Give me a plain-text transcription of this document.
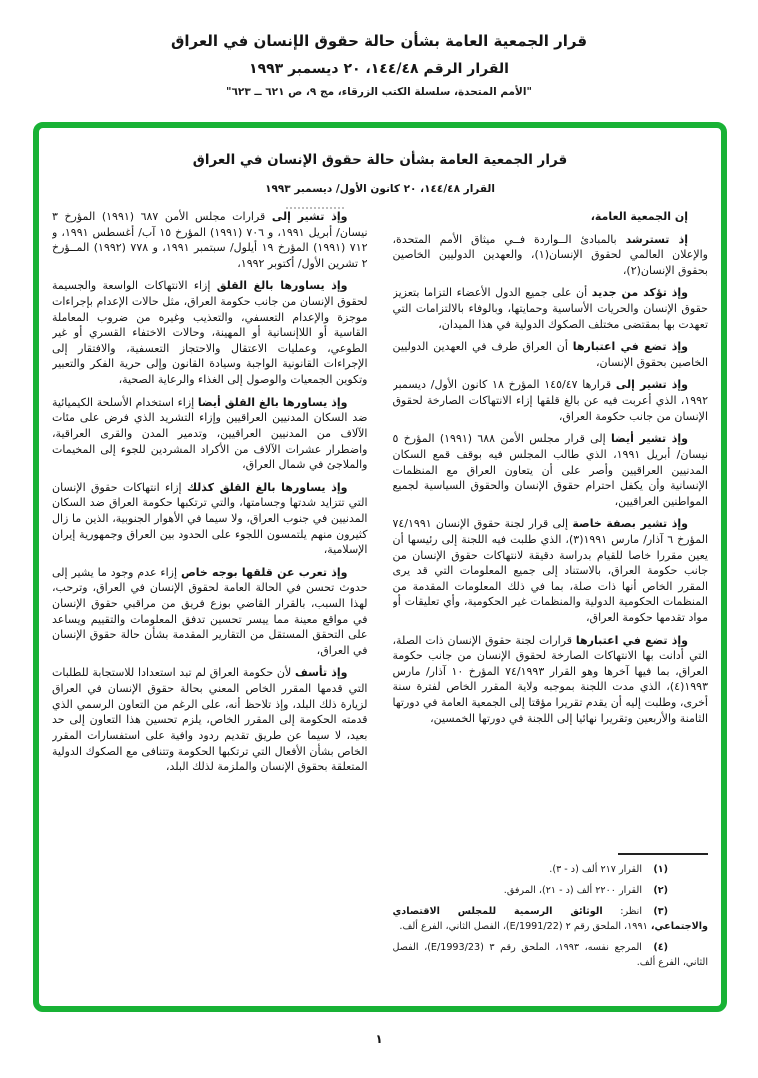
قرار الجمعية العامة بشأن حالة حقوق الإنسان في العراق
القرار الرقم ١٤٤/٤٨، ٢٠ ديسمبر ١٩٩٣
"الأمم المتحدة، سلسلة الكتب الزرقاء، مج ٩، ص ٦٢١ ــ ٦٢٣"
قرار الجمعية العامة بشأن حالة حقوق الإنسان في العراق
القرار ١٤٤/٤٨، ٢٠ كانون الأول/ ديسمبر ١٩٩٣

إن الجمعية العامة،

إذ تسترشد بالمبادئ الــواردة فــي ميثاق الأمم المتحدة، والإعلان العالمي لحقوق الإنسان(١)، والعهدين الدوليين الخاصين بحقوق الإنسان(٢)،

وإذ تؤكد من جديد أن على جميع الدول الأعضاء التزاما بتعزيز حقوق الإنسان والحريات الأساسية وحمايتها، وبالوفاء بالالتزامات التي تعهدت بها بمقتضى مختلف الصكوك الدولية في هذا الميدان،

وإذ تضع في اعتبارها أن العراق طرف في العهدين الدوليين الخاصين بحقوق الإنسان،

وإذ تشير إلى قرارها ١٤٥/٤٧ المؤرخ ١٨ كانون الأول/ ديسمبر ١٩٩٢، الذي أعربت فيه عن بالغ قلقها إزاء الانتهاكات الصارخة لحقوق الإنسان من جانب حكومة العراق،

وإذ تشير أيضا إلى قرار مجلس الأمن ٦٨٨ (١٩٩١) المؤرخ ٥ نيسان/ أبريل ١٩٩١، الذي طالب المجلس فيه بوقف قمع السكان المدنيين العراقيين وأصر على أن يتعاون العراق مع المنظمات الإنسانية وأن يكفل احترام حقوق الإنسان والحقوق السياسية لجميع المواطنين العراقيين،

وإذ تشير بصفة خاصة إلى قرار لجنة حقوق الإنسان ٧٤/١٩٩١ المؤرخ ٦ آذار/ مارس ١٩٩١(٣)، الذي طلبت فيه اللجنة إلى رئيسها أن يعين مقررا خاصا للقيام بدراسة دقيقة لانتهاكات حقوق الإنسان من جانب حكومة العراق، بالاستناد إلى جميع المعلومات التي قد يرى المقرر الخاص أنها ذات صلة، بما في ذلك المعلومات المقدمة من المنظمات الحكومية الدولية والمنظمات غير الحكومية، وأي تعليقات أو مواد تقدمها حكومة العراق،

وإذ تضع في اعتبارها قرارات لجنة حقوق الإنسان ذات الصلة، التي أدانت بها الانتهاكات الصارخة لحقوق الإنسان من جانب حكومة العراق، بما فيها آخرها وهو القرار ٧٤/١٩٩٣ المؤرخ ١٠ آذار/ مارس ١٩٩٣(٤)، الذي مدت اللجنة بموجبه ولاية المقرر الخاص لفترة سنة أخرى، وطلبت إليه أن يقدم تقريرا مؤقتا إلى الجمعية العامة في دورتها الثامنة والأربعين وتقريرا نهائيا إلى اللجنة في دورتها الخمسين،

(١)القرار ٢١٧ ألف (د - ٣).

(٢)القرار ٢٢٠٠ ألف (د - ٢١)، المرفق.

(٣)انظر: الوثائق الرسمية للمجلس الاقتصادي والاجتماعي، ١٩٩١، الملحق رقم ٢ ‎(E/1991/22)‎، الفصل الثاني، الفرع ألف.

(٤)المرجع نفسه، ١٩٩٣، الملحق رقم ٣ ‎(E/1993/23)‎، الفصل الثاني، الفرع ألف.

وإذ تشير إلى قرارات مجلس الأمن ٦٨٧ (١٩٩١) المؤرخ ٣ نيسان/ أبريل ١٩٩١، و ٧٠٦ (١٩٩١) المؤرخ ١٥ آب/ أغسطس ١٩٩١، و ٧١٢ (١٩٩١) المؤرخ ١٩ أيلول/ سبتمبر ١٩٩١، و ٧٧٨ (١٩٩٢) المــؤرخ ٢ تشرين الأول/ أكتوبر ١٩٩٢،

وإذ يساورها بالغ القلق إزاء الانتهاكات الواسعة والجسيمة لحقوق الإنسان من جانب حكومة العراق، مثل حالات الإعدام بإجراءات موجزة والإعدام التعسفي، والتعذيب وغيره من ضروب المعاملة القاسية أو اللاإنسانية أو المهينة، وحالات الاختفاء القسري أو غير الطوعي، وعمليات الاعتقال والاحتجاز التعسفية، والافتقار إلى الإجراءات القانونية الواجبة وسيادة القانون وإلى حرية الفكر والتعبير وتكوين الجمعيات والوصول إلى الغذاء والرعاية الصحية،

وإذ يساورها بالغ القلق أيضا إزاء استخدام الأسلحة الكيميائية ضد السكان المدنيين العراقيين وإزاء التشريد الذي فرض على مئات الآلاف من المدنيين العراقيين، وتدمير المدن والقرى العراقية، واضطرار عشرات الآلاف من الأكراد المشردين للجوء إلى المخيمات والملاجئ في شمال العراق،

وإذ يساورها بالغ القلق كذلك إزاء انتهاكات حقوق الإنسان التي تتزايد شدتها وجسامتها، والتي ترتكبها حكومة العراق ضد السكان المدنيين في جنوب العراق، ولا سيما في الأهوار الجنوبية، الذين ما زال كثيرون منهم يلتمسون اللجوء على الحدود بين العراق وجمهورية إيران الإسلامية،

وإذ تعرب عن قلقها بوجه خاص إزاء عدم وجود ما يشير إلى حدوث تحسن في الحالة العامة لحقوق الإنسان في العراق، وترحب، لهذا السبب، بالقرار القاضي بوزع فريق من مراقبي حقوق الإنسان في مواقع معينة مما ييسر تحسين تدفق المعلومات والتقييم ويساعد على التحقق المستقل من التقارير المقدمة بشأن حالة حقوق الإنسان في العراق،

وإذ تأسف لأن حكومة العراق لم تبد استعدادا للاستجابة للطلبات التي قدمها المقرر الخاص المعني بحالة حقوق الإنسان في العراق لزيارة ذلك البلد، وإذ تلاحظ أنه، على الرغم من التعاون الرسمي الذي قدمته الحكومة إلى المقرر الخاص، يلزم تحسين هذا التعاون إلى حد بعيد، لا سيما عن طريق تقديم ردود وافية على استفسارات المقرر الخاص بشأن الأفعال التي ترتكبها الحكومة وتتنافى مع الصكوك الدولية المتعلقة بحقوق الإنسان والملزمة لذلك البلد،

١
